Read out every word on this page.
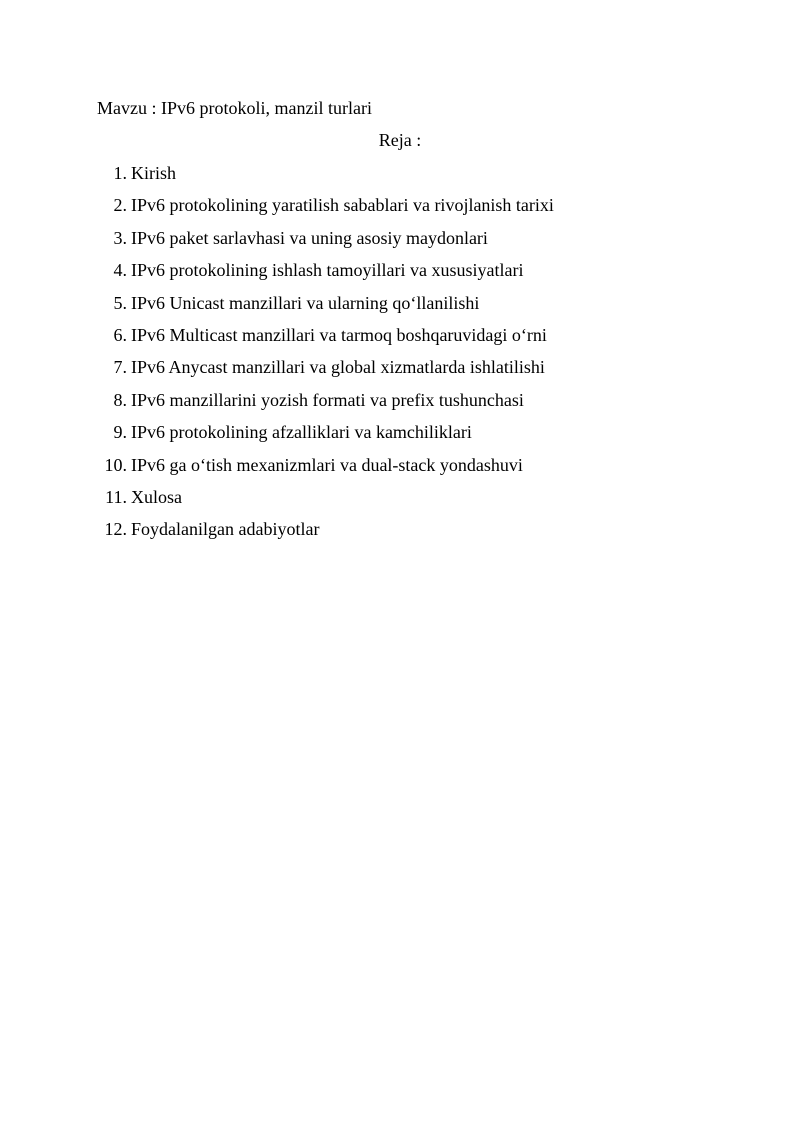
Mavzu : IPv6 protokoli, manzil turlari
Reja :
1. Kirish
2. IPv6 protokolining yaratilish sabablari va rivojlanish tarixi
3. IPv6 paket sarlavhasi va uning asosiy maydonlari
4. IPv6 protokolining ishlash tamoyillari va xususiyatlari
5. IPv6 Unicast manzillari va ularning qo‘llanilishi
6. IPv6 Multicast manzillari va tarmoq boshqaruvidagi o‘rni
7. IPv6 Anycast manzillari va global xizmatlarda ishlatilishi
8. IPv6 manzillarini yozish formati va prefix tushunchasi
9. IPv6 protokolining afzalliklari va kamchiliklari
10. IPv6 ga o‘tish mexanizmlari va dual-stack yondashuvi
11. Xulosa
12. Foydalanilgan adabiyotlar
